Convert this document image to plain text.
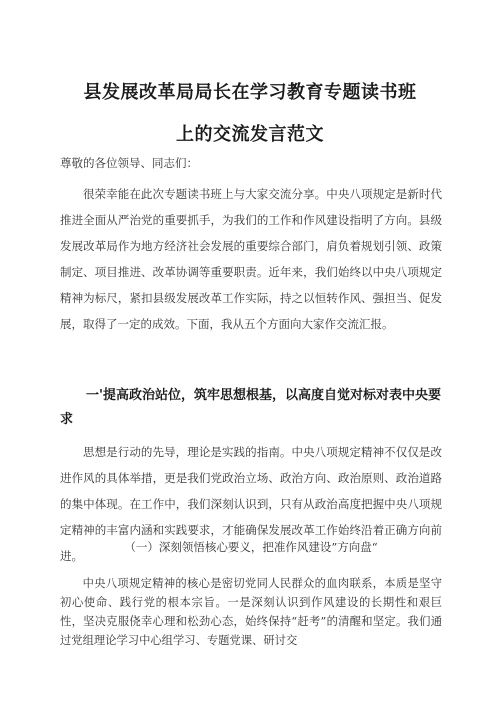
县发展改革局局长在学习教育专题读书班
上的交流发言范文
尊敬的各位领导、同志们：
很荣幸能在此次专题读书班上与大家交流分享。中央八项规定是新时代推进全面从严治党的重要抓手，为我们的工作和作风建设指明了方向。县级发展改革局作为地方经济社会发展的重要综合部门，肩负着规划引领、政策制定、项目推进、改革协调等重要职责。近年来，我们始终以中央八项规定精神为标尺，紧扣县级发展改革工作实际，持之以恒转作风、强担当、促发展，取得了一定的成效。下面，我从五个方面向大家作交流汇报。
一'提高政治站位，筑牢思想根基，以高度自觉对标对表中央要求
思想是行动的先导，理论是实践的指南。中央八项规定精神不仅仅是改进作风的具体举措，更是我们党政治立场、政治方向、政治原则、政治道路的集中体现。在工作中，我们深刻认识到，只有从政治高度把握中央八项规定精神的丰富内涵和实践要求，才能确保发展改革工作始终沿着正确方向前进。
（一）深刻领悟核心要义，把准作风建设”方向盘“
中央八项规定精神的核心是密切党同人民群众的血肉联系，本质是坚守初心使命、践行党的根本宗旨。一是深刻认识到作风建设的长期性和艰巨性，坚决克服侥幸心理和松劲心态，始终保持“赶考”的清醒和坚定。我们通过党组理论学习中心组学习、专题党课、研讨交
